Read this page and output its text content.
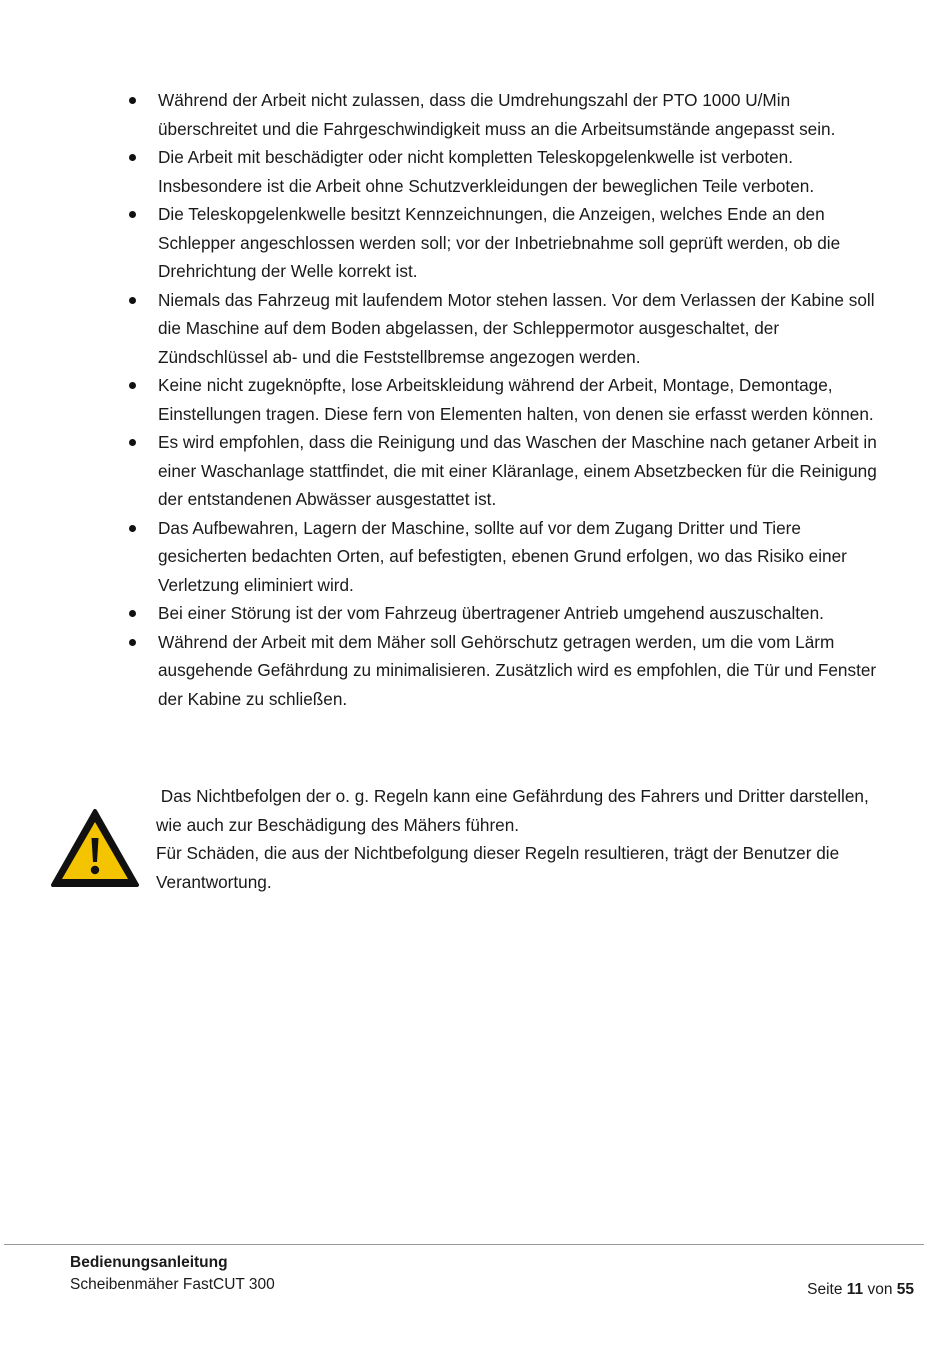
Während der Arbeit nicht zulassen, dass die Umdrehungszahl der PTO 1000 U/Min überschreitet und die Fahrgeschwindigkeit muss an die Arbeitsumstände angepasst sein.
Die Arbeit mit beschädigter oder nicht kompletten Teleskopgelenkwelle ist verboten. Insbesondere ist die Arbeit ohne Schutzverkleidungen der beweglichen Teile verboten.
Die Teleskopgelenkwelle besitzt Kennzeichnungen, die Anzeigen, welches Ende an den Schlepper angeschlossen werden soll; vor der Inbetriebnahme soll geprüft werden, ob die Drehrichtung der Welle korrekt ist.
Niemals das Fahrzeug mit laufendem Motor stehen lassen. Vor dem Verlassen der Kabine soll die Maschine auf dem Boden abgelassen, der Schleppermotor ausgeschaltet, der Zündschlüssel ab- und die Feststellbremse angezogen werden.
Keine nicht zugeknöpfte, lose Arbeitskleidung während der Arbeit, Montage, Demontage, Einstellungen tragen. Diese fern von Elementen halten, von denen sie erfasst werden können.
Es wird empfohlen, dass die Reinigung und das Waschen der Maschine nach getaner Arbeit in einer Waschanlage stattfindet, die mit einer Kläranlage, einem Absetzbecken für die Reinigung der entstandenen Abwässer ausgestattet ist.
Das Aufbewahren, Lagern der Maschine, sollte auf vor dem Zugang Dritter und Tiere gesicherten bedachten Orten, auf befestigten, ebenen Grund erfolgen, wo das Risiko einer Verletzung eliminiert wird.
Bei einer Störung ist der vom Fahrzeug übertragener Antrieb umgehend auszuschalten.
Während der Arbeit mit dem Mäher soll Gehörschutz getragen werden, um die vom Lärm ausgehende Gefährdung zu minimalisieren. Zusätzlich wird es empfohlen, die Tür und Fenster der Kabine zu schließen.

Das Nichtbefolgen der o. g. Regeln kann eine Gefährdung des Fahrers und Dritter darstellen, wie auch zur Beschädigung des Mähers führen.

Für Schäden, die aus der Nichtbefolgung dieser Regeln resultieren, trägt der Benutzer die Verantwortung.

Bedienungsanleitung
Scheibenmäher FastCUT 300	Seite 11 von 55
